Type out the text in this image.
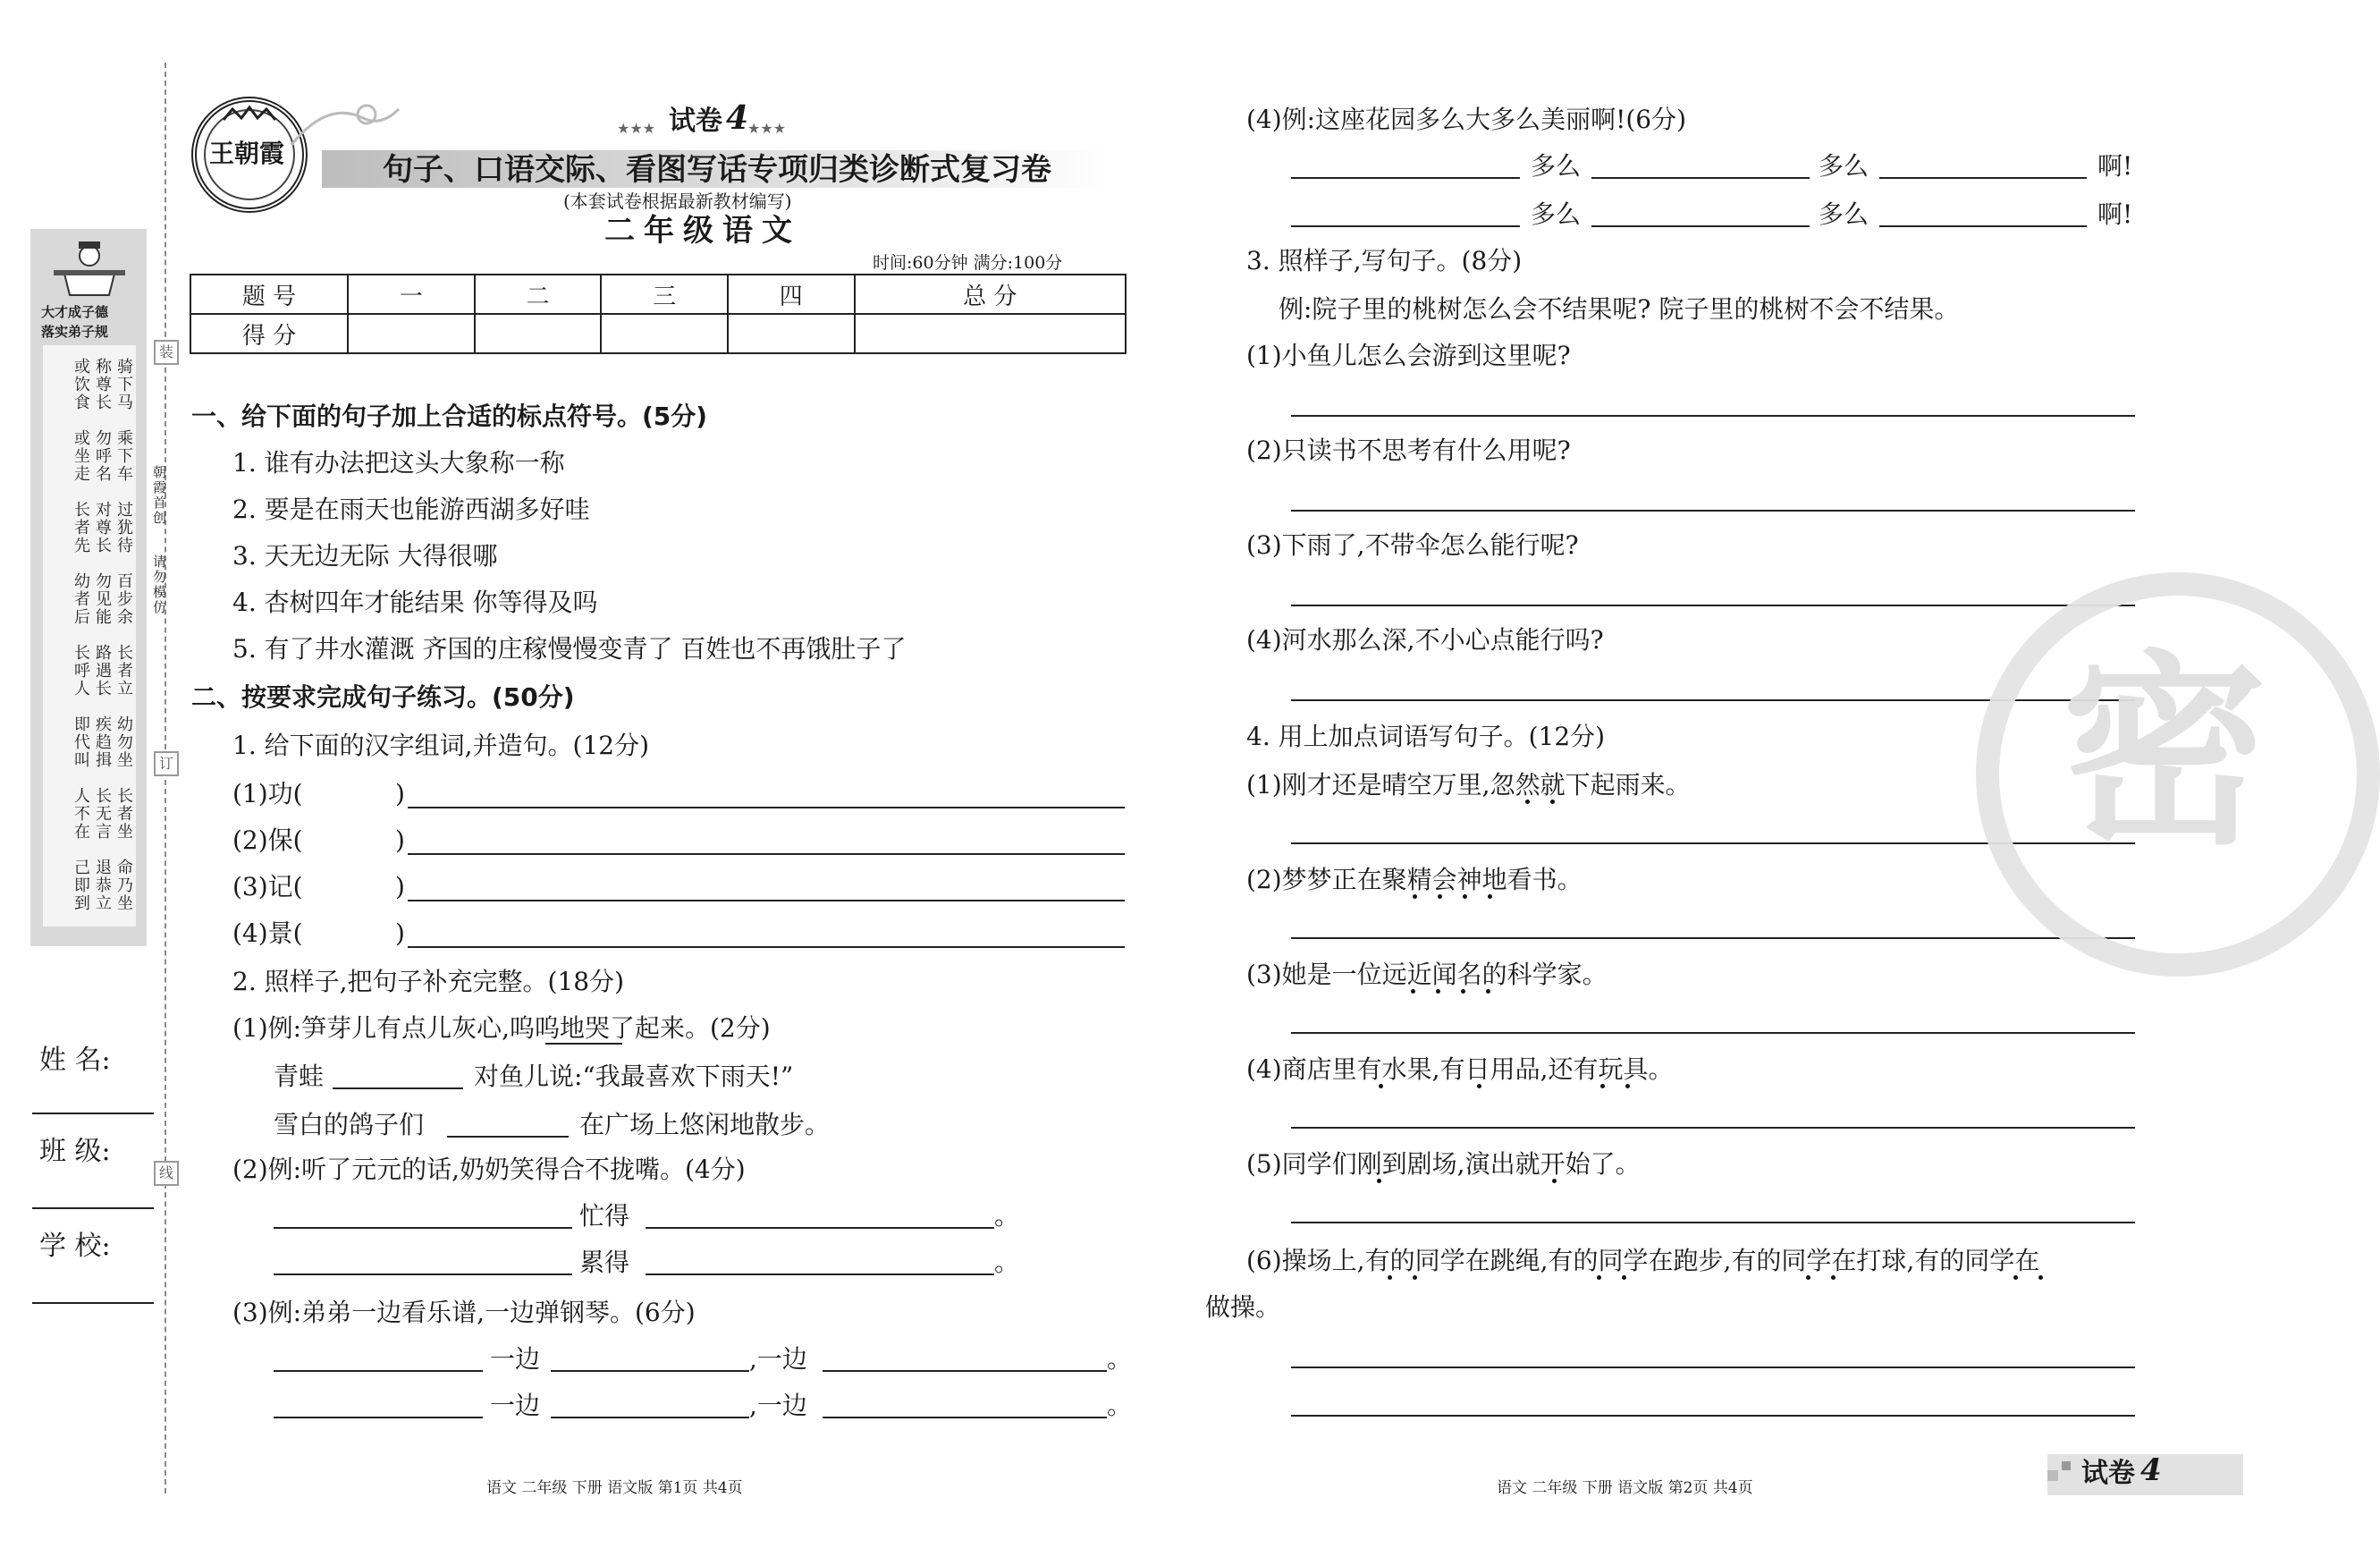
装
订
线
朝霞首创
请勿模仿
大才成子德
落实弟子规
骑下马
称尊长
或饮食
乘下车
勿呼名
或坐走
过犹待
对尊长
长者先
百步余
勿见能
幼者后
长者立
路遇长
长呼人
幼勿坐
疾趋揖
即代叫
长者坐
长无言
人不在
命乃坐
退恭立
己即到
姓 名:
班 级:
学 校:
王朝霞
★★★ 试卷 4
★★★
句子、口语交际、看图写话专项归类诊断式复习卷
(本套试卷根据最新教材编写)
二年级语文
时间:60分钟 满分:100分
题 号	一	二	三	四	总 分
得 分					
一、给下面的句子加上合适的标点符号。(5分)
1. 谁有办法把这头大象称一称
2. 要是在雨天也能游西湖多好哇
3. 天无边无际 大得很哪
4. 杏树四年才能结果 你等得及吗
5. 有了井水灌溉 齐国的庄稼慢慢变青了 百姓也不再饿肚子了
二、按要求完成句子练习。(50分)
1. 给下面的汉字组词,并造句。(12分)
(1)功(	)
(2)保(	)
(3)记(	)
(4)景(	)
2. 照样子,把句子补充完整。(18分)
(1)例:笋芽儿有点儿灰心,呜呜地哭了起来。(2分)
青蛙	对鱼儿说:“我最喜欢下雨天!”
雪白的鸽子们	在广场上悠闲地散步。
(2)例:听了元元的话,奶奶笑得合不拢嘴。(4分)
忙得	。
累得	。
(3)例:弟弟一边看乐谱,一边弹钢琴。(6分)
一边	,一边	。
一边	,一边	。
语文 二年级 下册 语文版 第1页 共4页
(4)例:这座花园多么大多么美丽啊!(6分)
多么	多么	啊!
多么	多么	啊!
3. 照样子,写句子。(8分)
例:院子里的桃树怎么会不结果呢? 院子里的桃树不会不结果。
(1)小鱼儿怎么会游到这里呢?
(2)只读书不思考有什么用呢?
(3)下雨了,不带伞怎么能行呢?
(4)河水那么深,不小心点能行吗?
4. 用上加点词语写句子。(12分)
(1)刚才还是晴空万里,忽然就下起雨来。
(2)梦梦正在聚精会神地看书。
(3)她是一位远近闻名的科学家。
(4)商店里有水果,有日用品,还有玩具。
(5)同学们刚到剧场,演出就开始了。
(6)操场上,有的同学在跳绳,有的同学在跑步,有的同学在打球,有的同学在
做操。
密
语文 二年级 下册 语文版 第2页 共4页	试卷 4
